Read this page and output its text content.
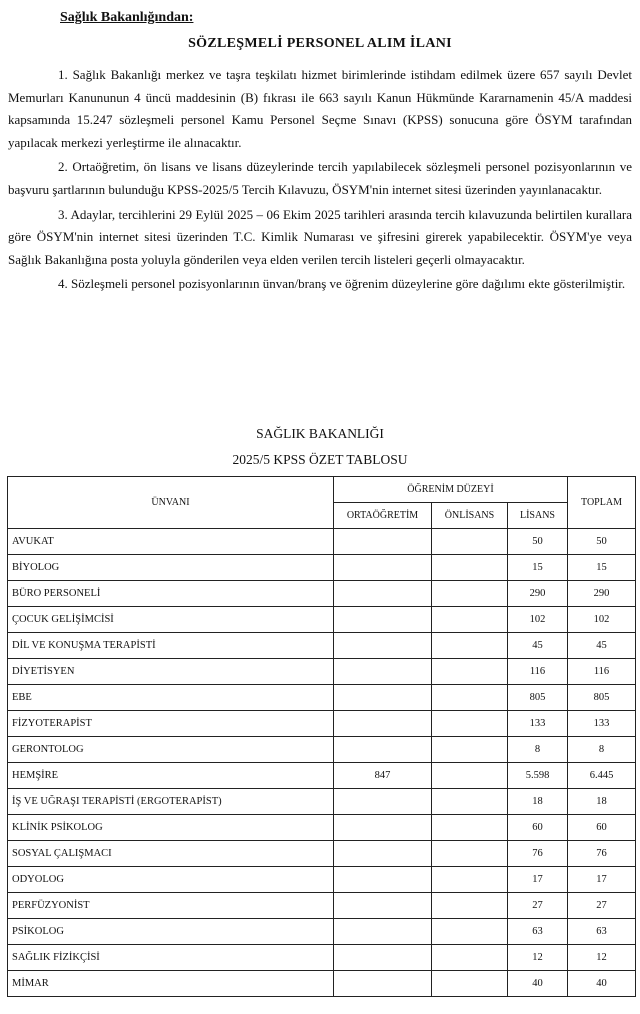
Sağlık Bakanlığından:
SÖZLEŞMELİ PERSONEL ALIM İLANI

1. Sağlık Bakanlığı merkez ve taşra teşkilatı hizmet birimlerinde istihdam edilmek üzere 657 sayılı Devlet Memurları Kanununun 4 üncü maddesinin (B) fıkrası ile 663 sayılı Kanun Hükmünde Kararnamenin 45/A maddesi kapsamında 15.247 sözleşmeli personel Kamu Personel Seçme Sınavı (KPSS) sonucuna göre ÖSYM tarafından yapılacak merkezi yerleştirme ile alınacaktır.

2. Ortaöğretim, ön lisans ve lisans düzeylerinde tercih yapılabilecek sözleşmeli personel pozisyonlarının ve başvuru şartlarının bulunduğu KPSS-2025/5 Tercih Kılavuzu, ÖSYM'nin internet sitesi üzerinden yayınlanacaktır.

3. Adaylar, tercihlerini 29 Eylül 2025 – 06 Ekim 2025 tarihleri arasında tercih kılavuzunda belirtilen kurallara göre ÖSYM'nin internet sitesi üzerinden T.C. Kimlik Numarası ve şifresini girerek yapabilecektir. ÖSYM'ye veya Sağlık Bakanlığına posta yoluyla gönderilen veya elden verilen tercih listeleri geçerli olmayacaktır.

4. Sözleşmeli personel pozisyonlarının ünvan/branş ve öğrenim düzeylerine göre dağılımı ekte gösterilmiştir.

SAĞLIK BAKANLIĞI
2025/5 KPSS ÖZET TABLOSU
ÜNVANI	ÖĞRENİM DÜZEYİ			TOPLAM
	ORTAÖĞRETİM	ÖNLİSANS	LİSANS	
AVUKAT			50	50
BİYOLOG			15	15
BÜRO PERSONELİ			290	290
ÇOCUK GELİŞİMCİSİ			102	102
DİL VE KONUŞMA TERAPİSTİ			45	45
DİYETİSYEN			116	116
EBE			805	805
FİZYOTERAPİST			133	133
GERONTOLOG			8	8
HEMŞİRE	847		5.598	6.445
İŞ VE UĞRAŞI TERAPİSTİ (ERGOTERAPİST)			18	18
KLİNİK PSİKOLOG			60	60
SOSYAL ÇALIŞMACI			76	76
ODYOLOG			17	17
PERFÜZYONİST			27	27
PSİKOLOG			63	63
SAĞLIK FİZİKÇİSİ			12	12
MİMAR			40	40
